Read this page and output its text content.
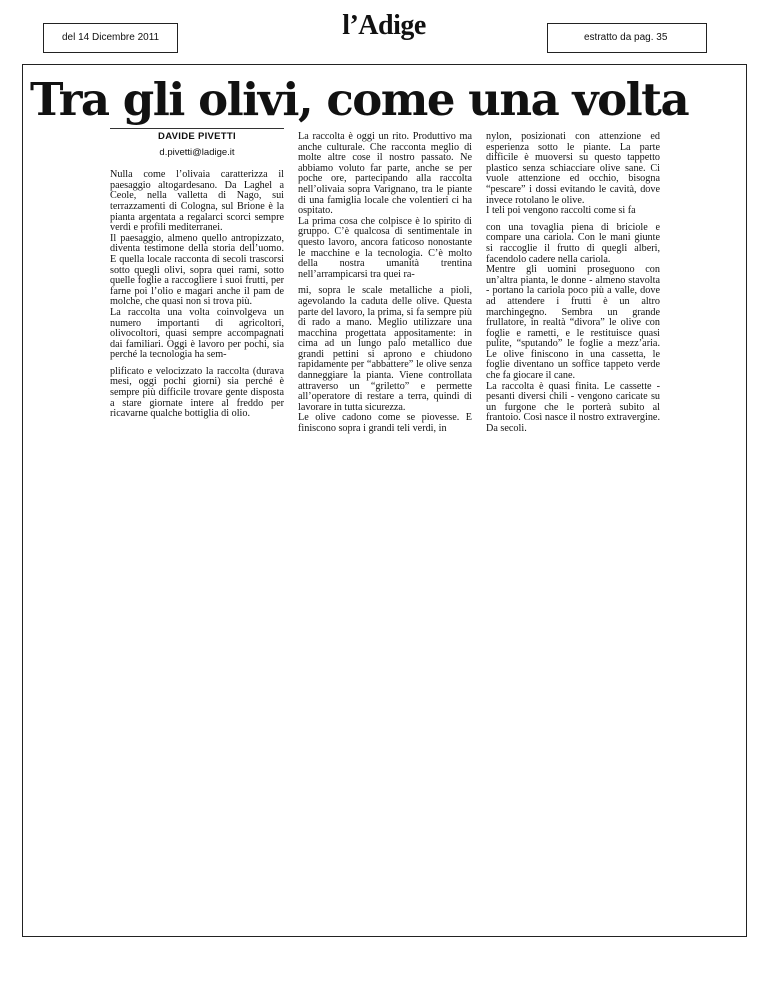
del 14 Dicembre 2011	l’Adige	estratto da pag. 35
Tra gli olivi, come una volta
DAVIDE PIVETTI
d.pivetti@ladige.it

Nulla come l’olivaia caratterizza il paesaggio altogardesano. Da Laghel a Ceole, nella valletta di Nago, sui terrazzamenti di Cologna, sul Brione è la pianta argentata a regalarci scorci sempre verdi e profili mediterranei.

Il paesaggio, almeno quello antropizzato, diventa testimone della storia dell’uomo. E quella locale racconta di secoli trascorsi sotto quegli olivi, sopra quei rami, sotto quelle foglie a raccogliere i suoi frutti, per farne poi l’olio e magari anche il pam de molche, che quasi non si trova più.

La raccolta una volta coinvolgeva un numero importanti di agricoltori, olivocoltori, quasi sempre accompagnati dai familiari. Oggi è lavoro per pochi, sia perché la tecnologia ha sem-

plificato e velocizzato la raccolta (durava mesi, oggi pochi giorni) sia perché è sempre più difficile trovare gente disposta a stare giornate intere al freddo per ricavarne qualche bottiglia di olio.

La raccolta è oggi un rito. Produttivo ma anche culturale. Che racconta meglio di molte altre cose il nostro passato. Ne abbiamo voluto far parte, anche se per poche ore, partecipando alla raccolta nell’olivaia sopra Varignano, tra le piante di una famiglia locale che volentieri ci ha ospitato.

La prima cosa che colpisce è lo spirito di gruppo. C’è qualcosa di sentimentale in questo lavoro, ancora faticoso nonostante le macchine e la tecnologia. C’è molto della nostra umanità trentina nell’arrampicarsi tra quei ra-

mi, sopra le scale metalliche a pioli, agevolando la caduta delle olive. Questa parte del lavoro, la prima, si fa sempre più di rado a mano. Meglio utilizzare una macchina progettata appositamente: in cima ad un lungo palo metallico due grandi pettini si aprono e chiudono rapidamente per “abbattere” le olive senza danneggiare la pianta. Viene controllata attraverso un “griletto” e permette all’operatore di restare a terra, quindi di lavorare in tutta sicurezza.

Le olive cadono come se piovesse. E finiscono sopra i grandi teli verdi, in

nylon, posizionati con attenzione ed esperienza sotto le piante. La parte difficile è muoversi su questo tappetto plastico senza schiacciare olive sane. Ci vuole attenzione ed occhio, bisogna “pescare” i dossi evitando le cavità, dove invece rotolano le olive.

I teli poi vengono raccolti come si fa

con una tovaglia piena di briciole e compare una cariola. Con le mani giunte si raccoglie il frutto di quegli alberi, facendolo cadere nella cariola.

Mentre gli uomini proseguono con un’altra pianta, le donne - almeno stavolta - portano la cariola poco più a valle, dove ad attendere i frutti è un altro marchingegno. Sembra un grande frullatore, in realtà “divora” le olive con foglie e rametti, e le restituisce quasi pulite, “sputando” le foglie a mezz’aria. Le olive finiscono in una cassetta, le foglie diventano un soffice tappeto verde che fa giocare il cane.

La raccolta è quasi finita. Le cassette - pesanti diversi chili - vengono caricate su un furgone che le porterà subito al frantoio. Così nasce il nostro extravergine. Da secoli.
